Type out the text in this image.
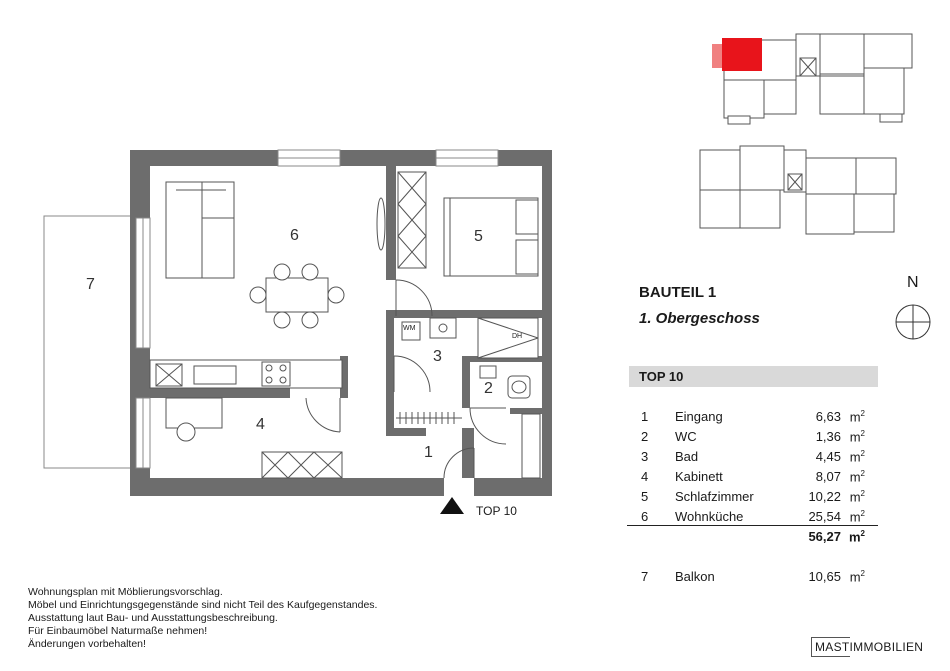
WM
DH
6	5
3
2
4
1
7
TOP 10
BAUTEIL 1
1. Obergeschoss
N
TOP 10
1 Eingang	6,63 $m^2$
2 WC	1,36 $m^2$
3 Bad	4,45 $m^2$
4 Kabinett	8,07 $m^2$
5 Schlafzimmer	10,22 $m^2$
6 Wohnküche	25,54 $m^2$
56,27 $m^2$
7 Balkon	10,65 $m^2$
Wohnungsplan mit Möblierungsvorschlag.
Möbel und Einrichtungsgegenstände sind nicht Teil des Kaufgegenstandes.
Ausstattung laut Bau- und Ausstattungsbeschreibung.
Für Einbaumöbel Naturmaße nehmen!
Änderungen vorbehalten!	MASTIMMOBILIEN
